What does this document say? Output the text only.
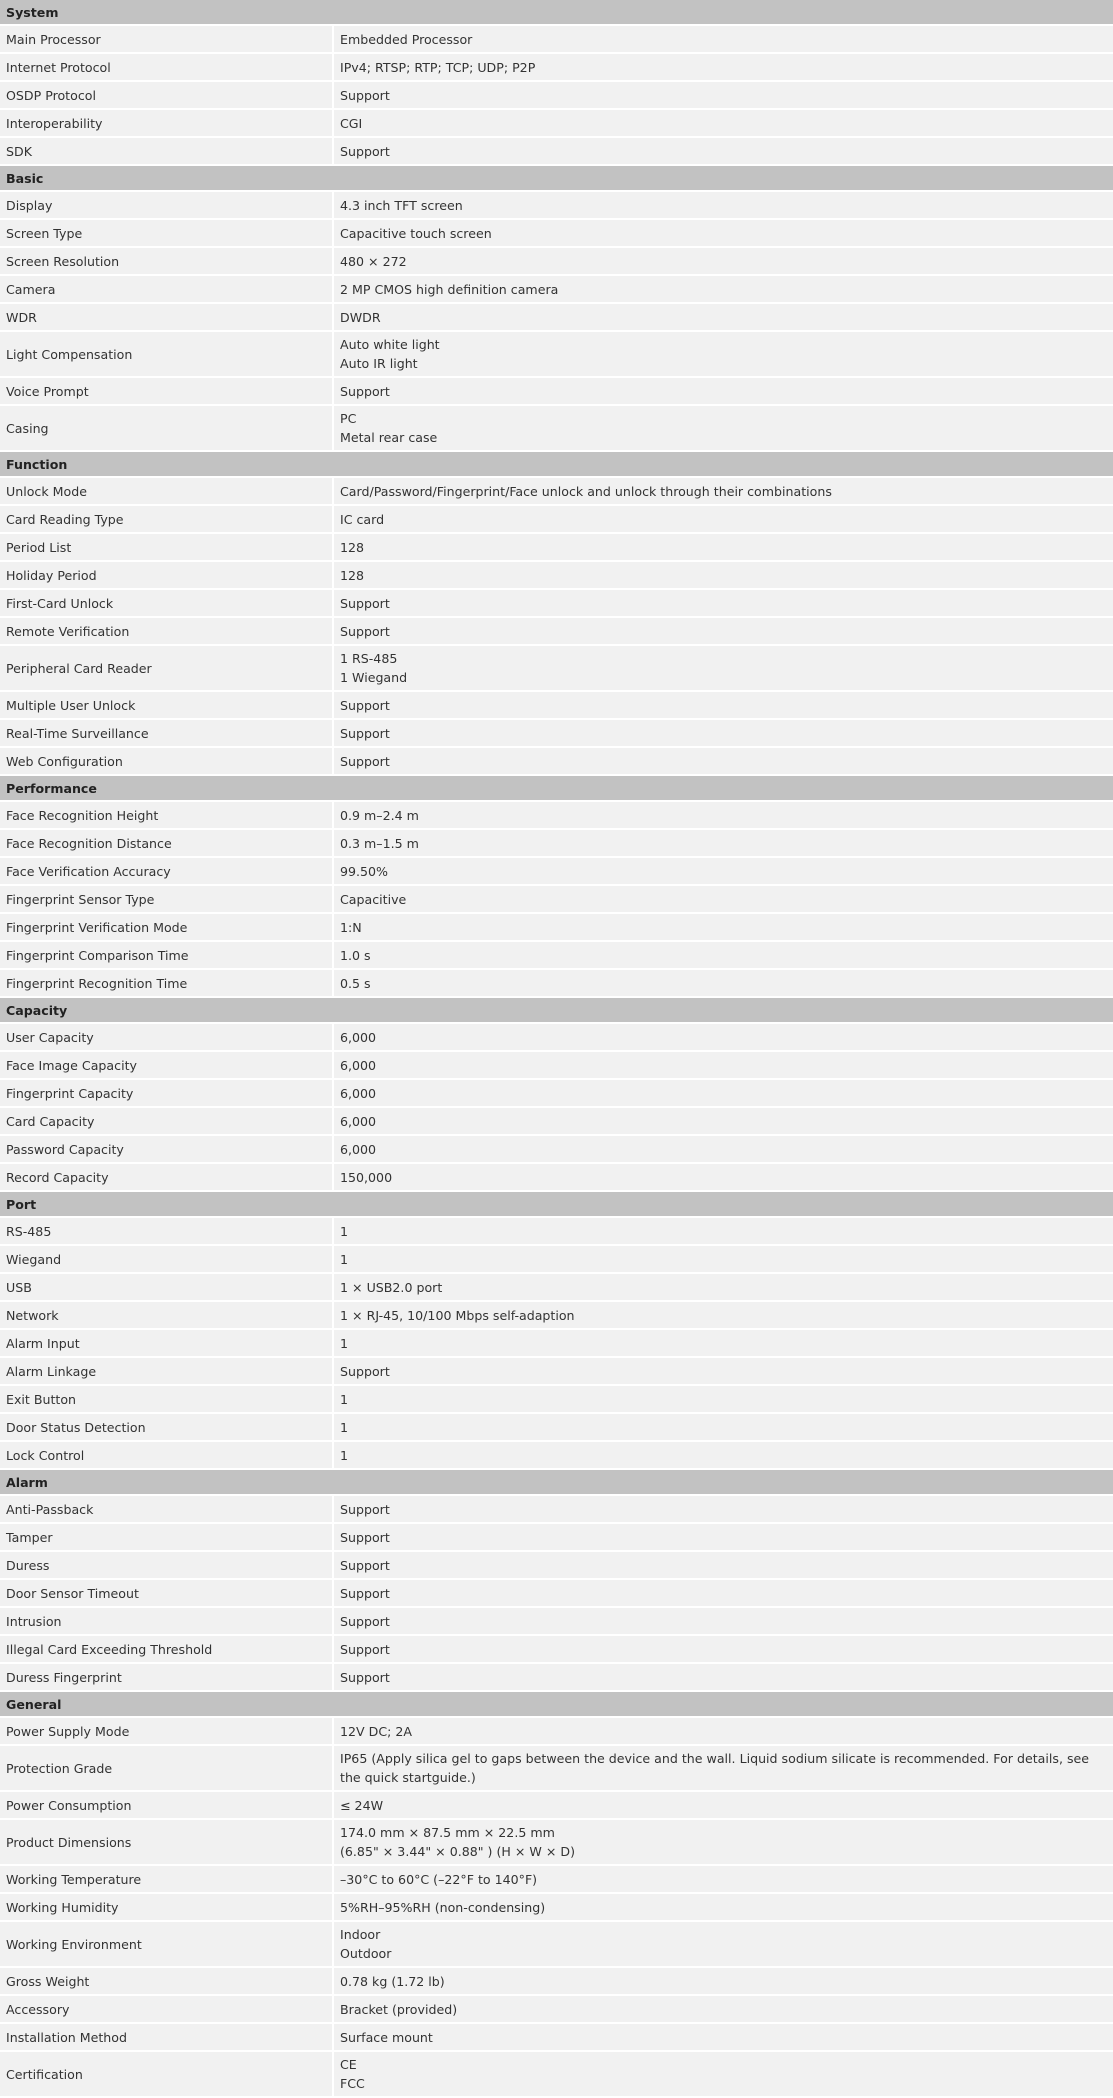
System	
Main Processor	Embedded Processor
Internet Protocol	IPv4; RTSP; RTP; TCP; UDP; P2P
OSDP Protocol	Support
Interoperability	CGI
SDK	Support
Basic	
Display	4.3 inch TFT screen
Screen Type	Capacitive touch screen
Screen Resolution	480 × 272
Camera	2 MP CMOS high definition camera
WDR	DWDR
Light Compensation	Auto white light
Auto IR light
Voice Prompt	Support
Casing	PC
Metal rear case
Function	
Unlock Mode	Card/Password/Fingerprint/Face unlock and unlock through their combinations
Card Reading Type	IC card
Period List	128
Holiday Period	128
First-Card Unlock	Support
Remote Verification	Support
Peripheral Card Reader	1 RS-485
1 Wiegand
Multiple User Unlock	Support
Real-Time Surveillance	Support
Web Configuration	Support
Performance	
Face Recognition Height	0.9 m–2.4 m
Face Recognition Distance	0.3 m–1.5 m
Face Verification Accuracy	99.50%
Fingerprint Sensor Type	Capacitive
Fingerprint Verification Mode	1:N
Fingerprint Comparison Time	1.0 s
Fingerprint Recognition Time	0.5 s
Capacity	
User Capacity	6,000
Face Image Capacity	6,000
Fingerprint Capacity	6,000
Card Capacity	6,000
Password Capacity	6,000
Record Capacity	150,000
Port	
RS-485	1
Wiegand	1
USB	1 × USB2.0 port
Network	1 × RJ-45, 10/100 Mbps self-adaption
Alarm Input	1
Alarm Linkage	Support
Exit Button	1
Door Status Detection	1
Lock Control	1
Alarm	
Anti-Passback	Support
Tamper	Support
Duress	Support
Door Sensor Timeout	Support
Intrusion	Support
Illegal Card Exceeding Threshold	Support
Duress Fingerprint	Support
General	
Power Supply Mode	12V DC; 2A
Protection Grade	IP65 (Apply silica gel to gaps between the device and the wall. Liquid sodium silicate is recommended. For details, see the quick startguide.)
Power Consumption	≤ 24W
Product Dimensions	174.0 mm × 87.5 mm × 22.5 mm
(6.85" × 3.44" × 0.88" ) (H × W × D)
Working Temperature	–30°C to 60°C (–22°F to 140°F)
Working Humidity	5%RH–95%RH (non-condensing)
Working Environment	Indoor
Outdoor
Gross Weight	0.78 kg (1.72 lb)
Accessory	Bracket (provided)
Installation Method	Surface mount
Certification	CE
FCC
